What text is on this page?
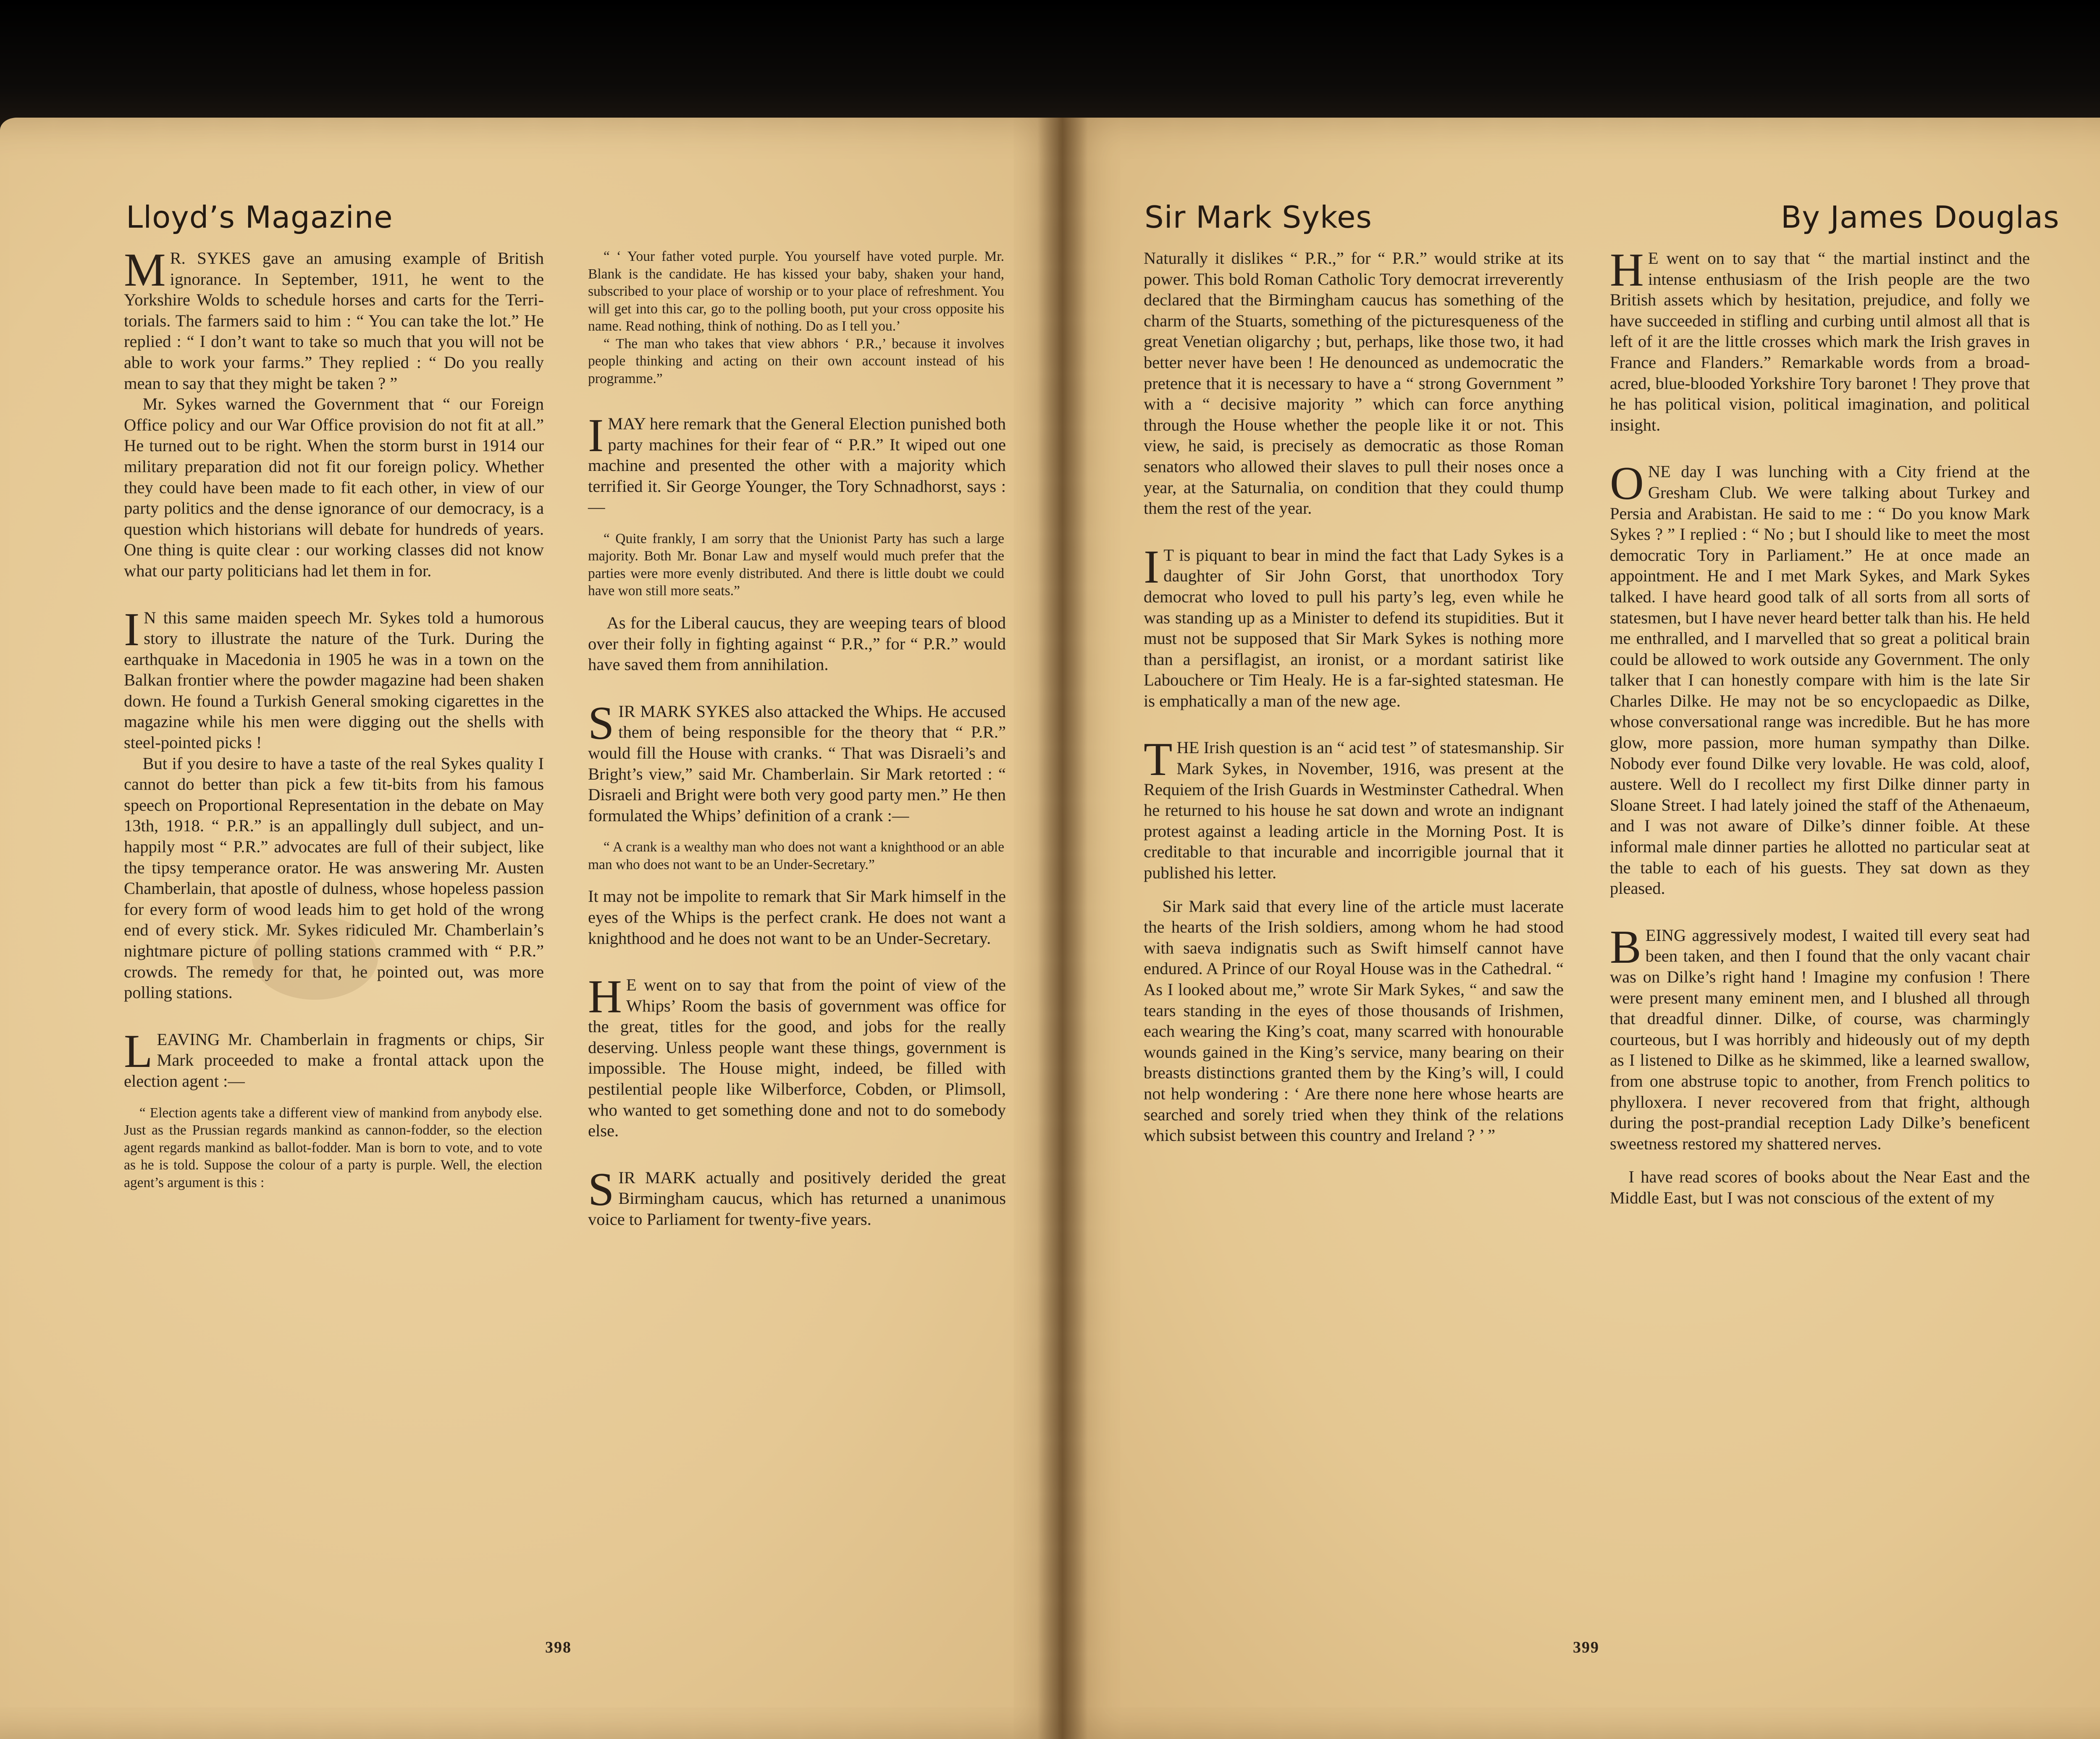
Lloyd’s Magazine

M R. SYKES gave an amusing example of British ignorance. In September, 1911, he went to the Yorkshire Wolds to schedule horses and carts for the Territorials. The farmers said to him : “ You can take the lot.” He replied : “ I don’t want to take so much that you will not be able to work your farms.” They replied : “ Do you really mean to say that they might be taken ? ”

Mr. Sykes warned the Government that “ our Foreign Office policy and our War Office provision do not fit at all.” He turned out to be right. When the storm burst in 1914 our military preparation did not fit our foreign policy. Whether they could have been made to fit each other, in view of our party politics and the dense ignorance of our democracy, is a question which historians will debate for hundreds of years. One thing is quite clear : our working classes did not know what our party politicians had let them in for.

I N this same maiden speech Mr. Sykes told a humorous story to illustrate the nature of the Turk. During the earthquake in Macedonia in 1905 he was in a town on the Balkan frontier where the powder magazine had been shaken down. He found a Turkish General smoking cigarettes in the magazine while his men were digging out the shells with steel-pointed picks !

But if you desire to have a taste of the real Sykes quality I cannot do better than pick a few tit-bits from his famous speech on Proportional Representation in the debate on May 13th, 1918. “ P.R.” is an appallingly dull subject, and unhappily most “ P.R.” advocates are full of their subject, like the tipsy temperance orator. He was answering Mr. Austen Chamberlain, that apostle of dulness, whose hopeless passion for every form of wood leads him to get hold of the wrong end of every stick. Mr. Sykes ridiculed Mr. Chamberlain’s nightmare picture of polling stations crammed with “ P.R.” crowds. The remedy for that, he pointed out, was more polling stations.

LEAVING Mr. Chamberlain in fragments or chips, Sir Mark proceeded to make a frontal attack upon the election agent :—

“ Election agents take a different view of mankind from anybody else. Just as the Prussian regards mankind as cannon-fodder, so the election agent regards mankind as ballot-fodder. Man is born to vote, and to vote as he is told. Suppose the colour of a party is purple. Well, the election agent’s argument is this :

“ ‘ Your father voted purple. You yourself have voted purple. Mr. Blank is the candidate. He has kissed your baby, shaken your hand, subscribed to your place of worship or to your place of refreshment. You will get into this car, go to the polling booth, put your cross opposite his name. Read nothing, think of nothing. Do as I tell you.’

“ The man who takes that view abhors ‘ P.R.,’ because it involves people thinking and acting on their own account instead of his programme.”

IMAY here remark that the General Election punished both party machines for their fear of “ P.R.” It wiped out one machine and presented the other with a majority which terrified it. Sir George Younger, the Tory Schnadhorst, says :—

“ Quite frankly, I am sorry that the Unionist Party has such a large majority. Both Mr. Bonar Law and myself would much prefer that the parties were more evenly distributed. And there is little doubt we could have won still more seats.”

As for the Liberal caucus, they are weeping tears of blood over their folly in fighting against “ P.R.,” for “ P.R.” would have saved them from annihilation.

SIR MARK SYKES also attacked the Whips. He accused them of being responsible for the theory that “ P.R.” would fill the House with cranks. “ That was Disraeli’s and Bright’s view,” said Mr. Chamberlain. Sir Mark retorted : “ Disraeli and Bright were both very good party men.” He then formulated the Whips’ definition of a crank :—

“ A crank is a wealthy man who does not want a knighthood or an able man who does not want to be an Under-Secretary.”

It may not be impolite to remark that Sir Mark himself in the eyes of the Whips is the perfect crank. He does not want a knighthood and he does not want to be an Under-Secretary.

H E went on to say that from the point of view of the Whips’ Room the basis of government was office for the great, titles for the good, and jobs for the really deserving. Unless people want these things, government is impossible. The House might, indeed, be filled with pestilential people like Wilberforce, Cobden, or Plimsoll, who wanted to get something done and not to do somebody else.

SIR MARK actually and positively derided the great Birmingham caucus, which has returned a unanimous voice to Parliament for twenty-five years.

398
Sir Mark Sykes	By James Douglas

Naturally it dislikes “ P.R.,” for “ P.R.” would strike at its power. This bold Roman Catholic Tory democrat irreverently declared that the Birmingham caucus has something of the charm of the Stuarts, something of the picturesqueness of the great Venetian oligarchy ; but, perhaps, like those two, it had better never have been ! He denounced as undemocratic the pretence that it is necessary to have a “ strong Government ” with a “ decisive majority ” which can force anything through the House whether the people like it or not. This view, he said, is precisely as democratic as those Roman senators who allowed their slaves to pull their noses once a year, at the Saturnalia, on condition that they could thump them the rest of the year.

I T is piquant to bear in mind the fact that Lady Sykes is a daughter of Sir John Gorst, that unorthodox Tory democrat who loved to pull his party’s leg, even while he was standing up as a Minister to defend its stupidities. But it must not be supposed that Sir Mark Sykes is nothing more than a persiflagist, an ironist, or a mordant satirist like Labouchere or Tim Healy. He is a far-sighted statesman. He is emphatically a man of the new age.

THE Irish question is an “ acid test ” of statesmanship. Sir Mark Sykes, in November, 1916, was present at the Requiem of the Irish Guards in Westminster Cathedral. When he returned to his house he sat down and wrote an indignant protest against a leading article in the Morning Post. It is creditable to that incurable and incorrigible journal that it published his letter.

Sir Mark said that every line of the article must lacerate the hearts of the Irish soldiers, among whom he had stood with saeva indignatis such as Swift himself cannot have endured. A Prince of our Royal House was in the Cathedral. “ As I looked about me,” wrote Sir Mark Sykes, “ and saw the tears standing in the eyes of those thousands of Irishmen, each wearing the King’s coat, many scarred with honourable wounds gained in the King’s service, many bearing on their breasts distinctions granted them by the King’s will, I could not help wondering : ‘ Are there none here whose hearts are searched and sorely tried when they think of the relations which subsist between this country and Ireland ? ’ ”

H E went on to say that “ the martial instinct and the intense enthusiasm of the Irish people are the two British assets which by hesitation, prejudice, and folly we have succeeded in stifling and curbing until almost all that is left of it are the little crosses which mark the Irish graves in France and Flanders.” Remarkable words from a broad-acred, blue-blooded Yorkshire Tory baronet ! They prove that he has political vision, political imagination, and political insight.

ONE day I was lunching with a City friend at the Gresham Club. We were talking about Turkey and Persia and Arabistan. He said to me : “ Do you know Mark Sykes ? ” I replied : “ No ; but I should like to meet the most democratic Tory in Parliament.” He at once made an appointment. He and I met Mark Sykes, and Mark Sykes talked. I have heard good talk of all sorts from all sorts of statesmen, but I have never heard better talk than his. He held me enthralled, and I marvelled that so great a political brain could be allowed to work outside any Government. The only talker that I can honestly compare with him is the late Sir Charles Dilke. He may not be so encyclopaedic as Dilke, whose conversational range was incredible. But he has more glow, more passion, more human sympathy than Dilke. Nobody ever found Dilke very lovable. He was cold, aloof, austere. Well do I recollect my first Dilke dinner party in Sloane Street. I had lately joined the staff of the Athenaeum, and I was not aware of Dilke’s dinner foible. At these informal male dinner parties he allotted no particular seat at the table to each of his guests. They sat down as they pleased.

BEING aggressively modest, I waited till every seat had been taken, and then I found that the only vacant chair was on Dilke’s right hand ! Imagine my confusion ! There were present many eminent men, and I blushed all through that dreadful dinner. Dilke, of course, was charmingly courteous, but I was horribly and hideously out of my depth as I listened to Dilke as he skimmed, like a learned swallow, from one abstruse topic to another, from French politics to phylloxera. I never recovered from that fright, although during the post-prandial reception Lady Dilke’s beneficent sweetness restored my shattered nerves.

I have read scores of books about the Near East and the Middle East, but I was not conscious of the extent of my

399
